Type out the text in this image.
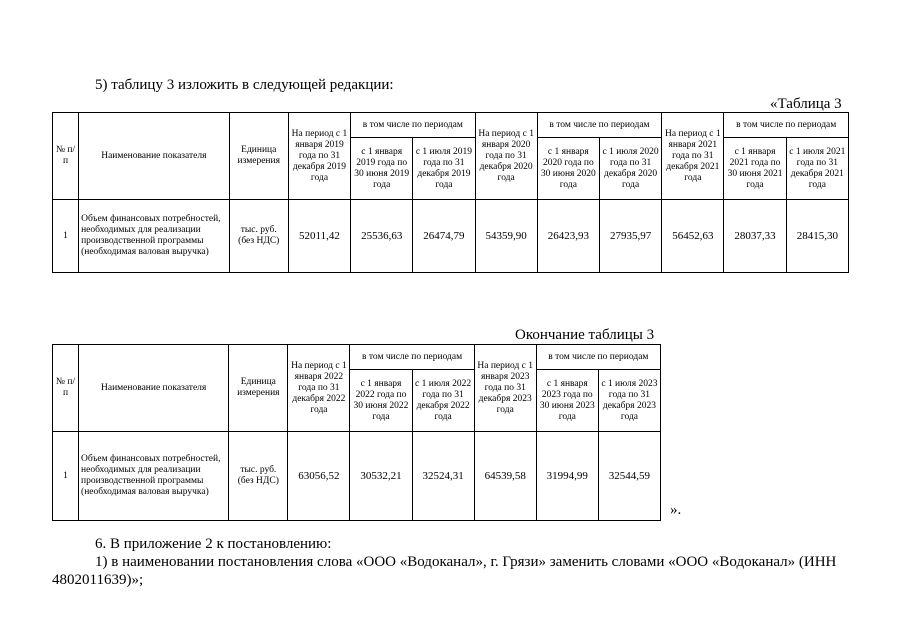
5) таблицу 3 изложить в следующей редакции:
«Таблица 3
№ п/п	Наименование показателя	Единица измерения	На период с 1 января 2019 года по 31 декабря 2019 года	в том числе по периодам		На период с 1 января 2020 года по 31 декабря 2020 года	в том числе по периодам		На период с 1 января 2021 года по 31 декабря 2021 года	в том числе по периодам	
				с 1 января 2019 года по 30 июня 2019 года	с 1 июля 2019 года по 31 декабря 2019 года		с 1 января 2020 года по 30 июня 2020 года	с 1 июля 2020 года по 31 декабря 2020 года		с 1 января 2021 года по 30 июня 2021 года	с 1 июля 2021 года по 31 декабря 2021 года
1	Объем финансовых потребностей, необходимых для реализации производственной программы (необходимая валовая выручка)	тыс. руб. (без НДС)	52011,42	25536,63	26474,79	54359,90	26423,93	27935,97	56452,63	28037,33	28415,30
Окончание таблицы 3
№ п/п	Наименование показателя	Единица измерения	На период с 1 января 2022 года по 31 декабря 2022 года	в том числе по периодам		На период с 1 января 2023 года по 31 декабря 2023 года	в том числе по периодам	
				с 1 января 2022 года по 30 июня 2022 года	с 1 июля 2022 года по 31 декабря 2022 года		с 1 января 2023 года по 30 июня 2023 года	с 1 июля 2023 года по 31 декабря 2023 года
1	Объем финансовых потребностей, необходимых для реализации производственной программы (необходимая валовая выручка)	тыс. руб. (без НДС)	63056,52	30532,21	32524,31	64539,58	31994,99	32544,59
».
6. В приложение 2 к постановлению:
1) в наименовании постановления слова «ООО «Водоканал», г. Грязи» заменить словами «ООО «Водоканал» (ИНН
4802011639)»;
